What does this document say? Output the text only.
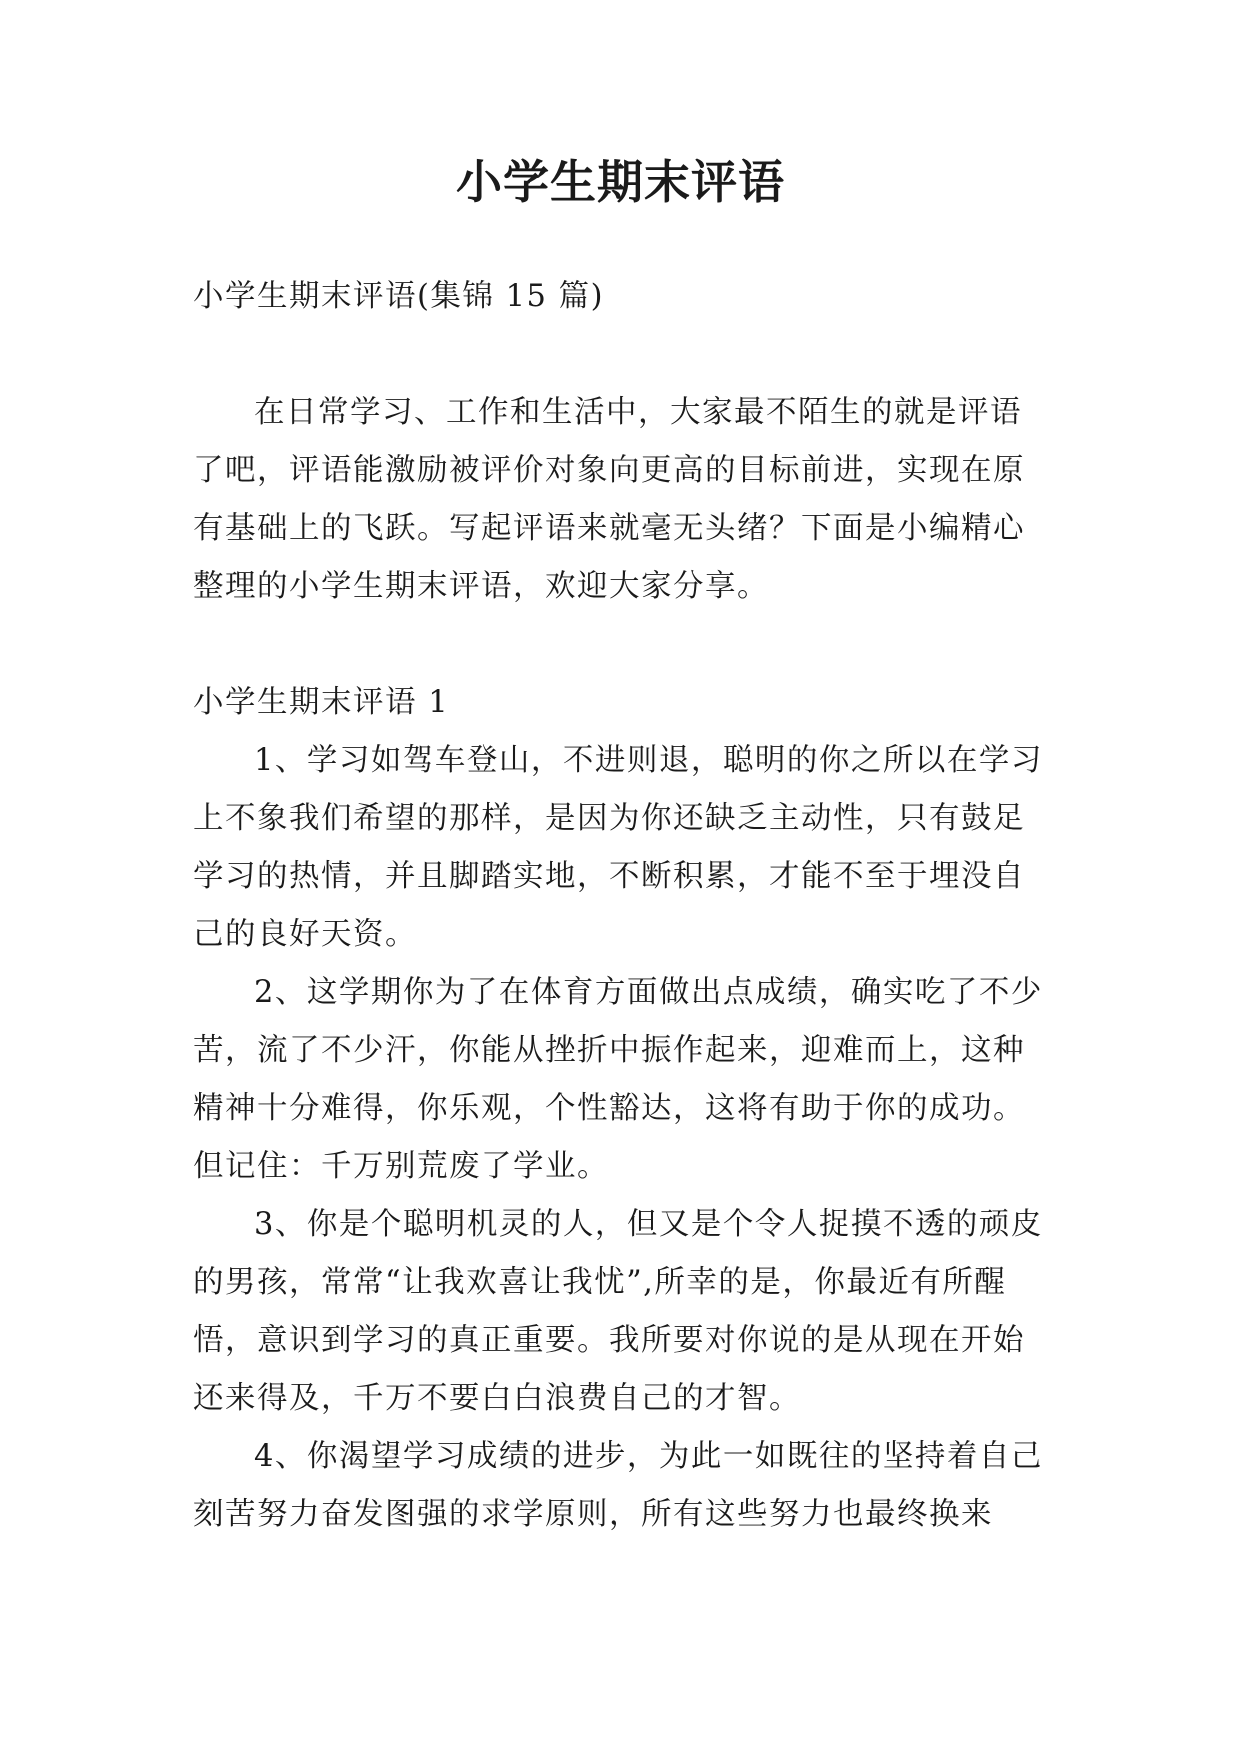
小学生期末评语

小学生期末评语(集锦 15 篇)

在日常学习、工作和生活中，大家最不陌生的就是评语了吧，评语能激励被评价对象向更高的目标前进，实现在原有基础上的飞跃。写起评语来就毫无头绪？下面是小编精心整理的小学生期末评语，欢迎大家分享。

小学生期末评语 1

1、学习如驾车登山，不进则退，聪明的你之所以在学习上不象我们希望的那样，是因为你还缺乏主动性，只有鼓足学习的热情，并且脚踏实地，不断积累，才能不至于埋没自己的良好天资。

2、这学期你为了在体育方面做出点成绩，确实吃了不少苦，流了不少汗，你能从挫折中振作起来，迎难而上，这种精神十分难得，你乐观，个性豁达，这将有助于你的成功。但记住：千万别荒废了学业。

3、你是个聪明机灵的人，但又是个令人捉摸不透的顽皮的男孩，常常“让我欢喜让我忧”,所幸的是，你最近有所醒悟，意识到学习的真正重要。我所要对你说的是从现在开始还来得及，千万不要白白浪费自己的才智。

4、你渴望学习成绩的进步，为此一如既往的坚持着自己刻苦努力奋发图强的求学原则，所有这些努力也最终换来
